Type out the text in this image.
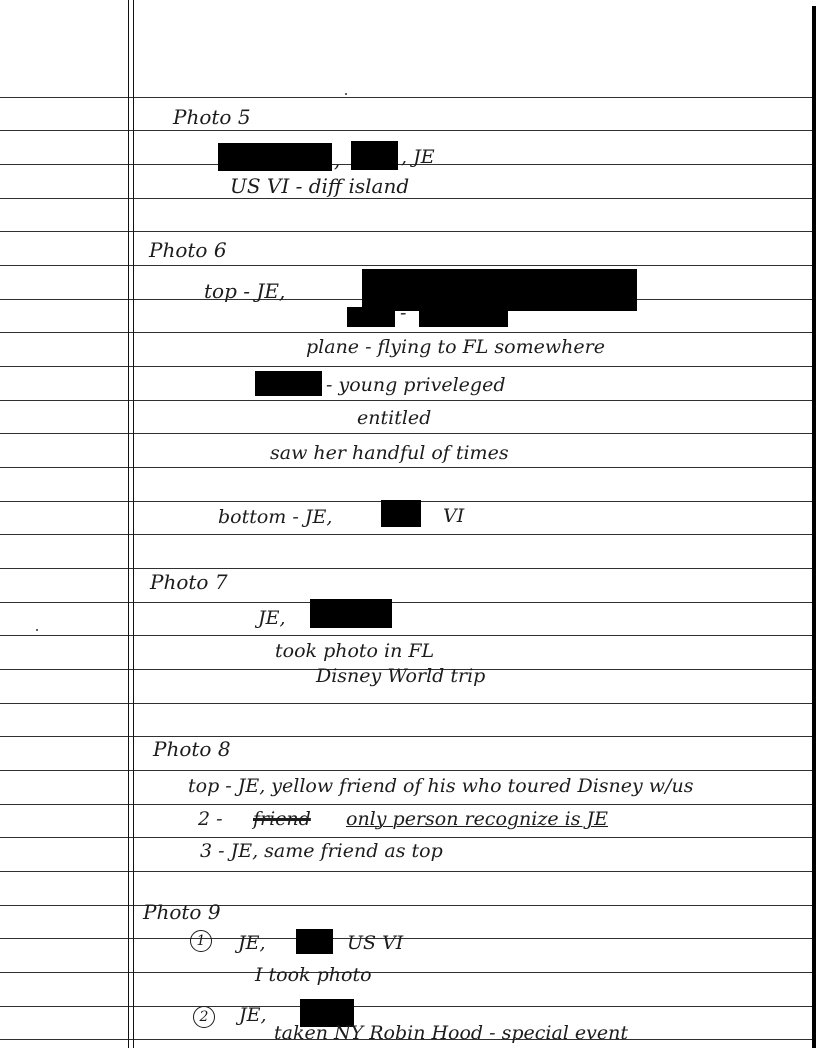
Photo 5
,	, JE
US VI - diff island
Photo 6
top - JE,
-
plane - flying to FL somewhere
- young priveleged
entitled
saw her handful of times
bottom - JE,	VI
Photo 7
JE,
took photo in FL
Disney World trip
Photo 8
top - JE, yellow friend of his who toured Disney w/us
2 - friend only person recognize is JE
3 - JE, same friend as top
Photo 9
1	JE,	US VI
I took photo
2	JE,
taken NY Robin Hood - special event
